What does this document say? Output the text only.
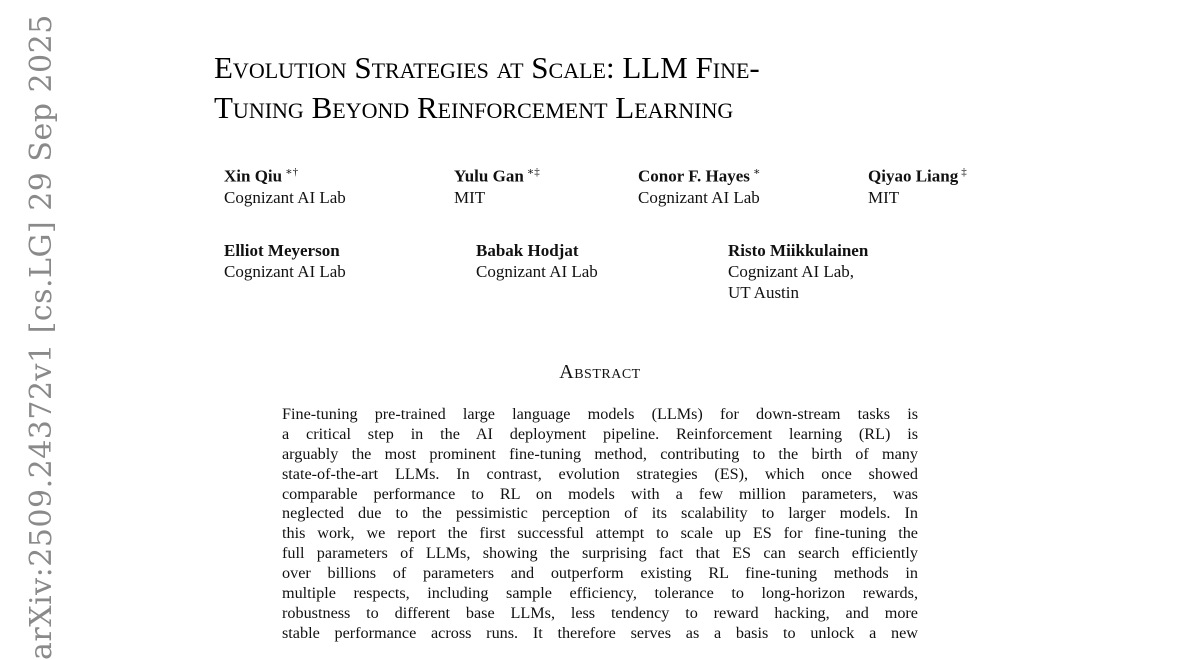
arXiv:2509.24372v1 [cs.LG] 29 Sep 2025	Evolution Strategies at Scale: LLM Fine-
Tuning Beyond Reinforcement Learning
Xin Qiu ∗†
Cognizant AI Lab
Yulu Gan ∗‡
MIT
Conor F. Hayes ∗
Cognizant AI Lab
Qiyao Liang ‡
MIT
Elliot Meyerson
Cognizant AI Lab
Babak Hodjat
Cognizant AI Lab
Risto Miikkulainen
Cognizant AI Lab,
UT Austin
Abstract
Fine-tuning pre-trained large language models (LLMs) for down-stream tasks is
a critical step in the AI deployment pipeline. Reinforcement learning (RL) is
arguably the most prominent fine-tuning method, contributing to the birth of many
state-of-the-art LLMs. In contrast, evolution strategies (ES), which once showed
comparable performance to RL on models with a few million parameters, was
neglected due to the pessimistic perception of its scalability to larger models. In
this work, we report the first successful attempt to scale up ES for fine-tuning the
full parameters of LLMs, showing the surprising fact that ES can search efficiently
over billions of parameters and outperform existing RL fine-tuning methods in
multiple respects, including sample efficiency, tolerance to long-horizon rewards,
robustness to different base LLMs, less tendency to reward hacking, and more
stable performance across runs. It therefore serves as a basis to unlock a new
